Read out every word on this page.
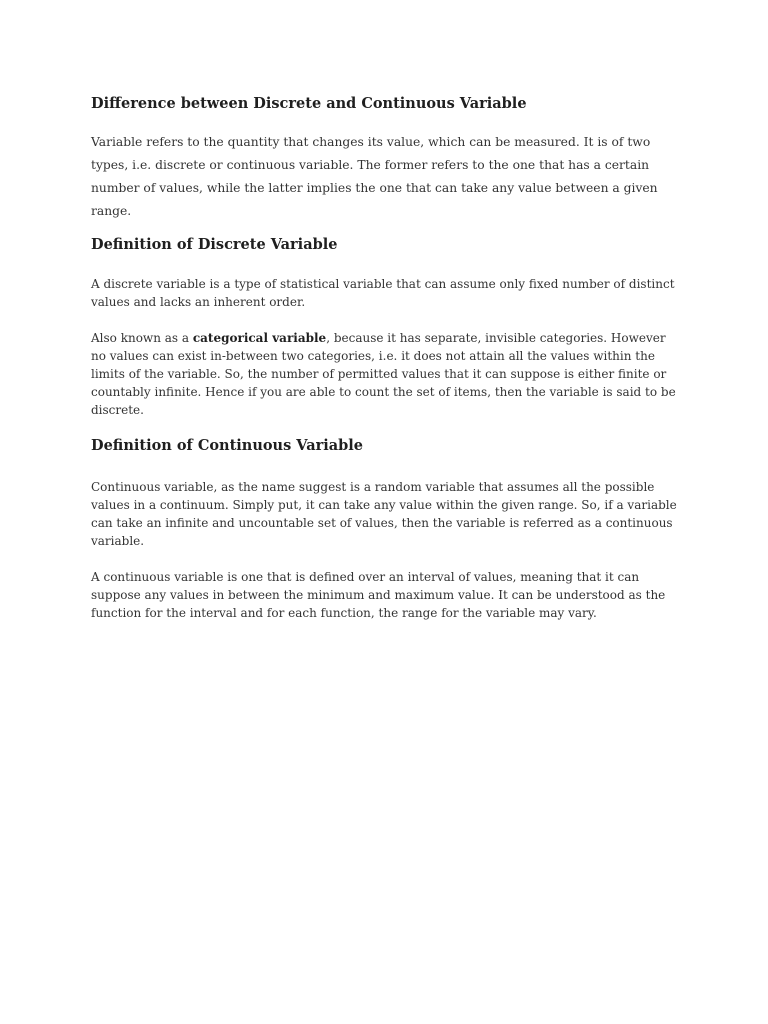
Difference between Discrete and Continuous Variable

Variable refers to the quantity that changes its value, which can be measured. It is of two types, i.e. discrete or continuous variable. The former refers to the one that has a certain number of values, while the latter implies the one that can take any value between a given range.

Definition of Discrete Variable

A discrete variable is a type of statistical variable that can assume only fixed number of distinct values and lacks an inherent order.

Also known as a categorical variable, because it has separate, invisible categories. However no values can exist in-between two categories, i.e. it does not attain all the values within the limits of the variable. So, the number of permitted values that it can suppose is either finite or countably infinite. Hence if you are able to count the set of items, then the variable is said to be discrete.

Definition of Continuous Variable

Continuous variable, as the name suggest is a random variable that assumes all the possible values in a continuum. Simply put, it can take any value within the given range. So, if a variable can take an infinite and uncountable set of values, then the variable is referred as a continuous variable.

A continuous variable is one that is defined over an interval of values, meaning that it can suppose any values in between the minimum and maximum value. It can be understood as the function for the interval and for each function, the range for the variable may vary.
